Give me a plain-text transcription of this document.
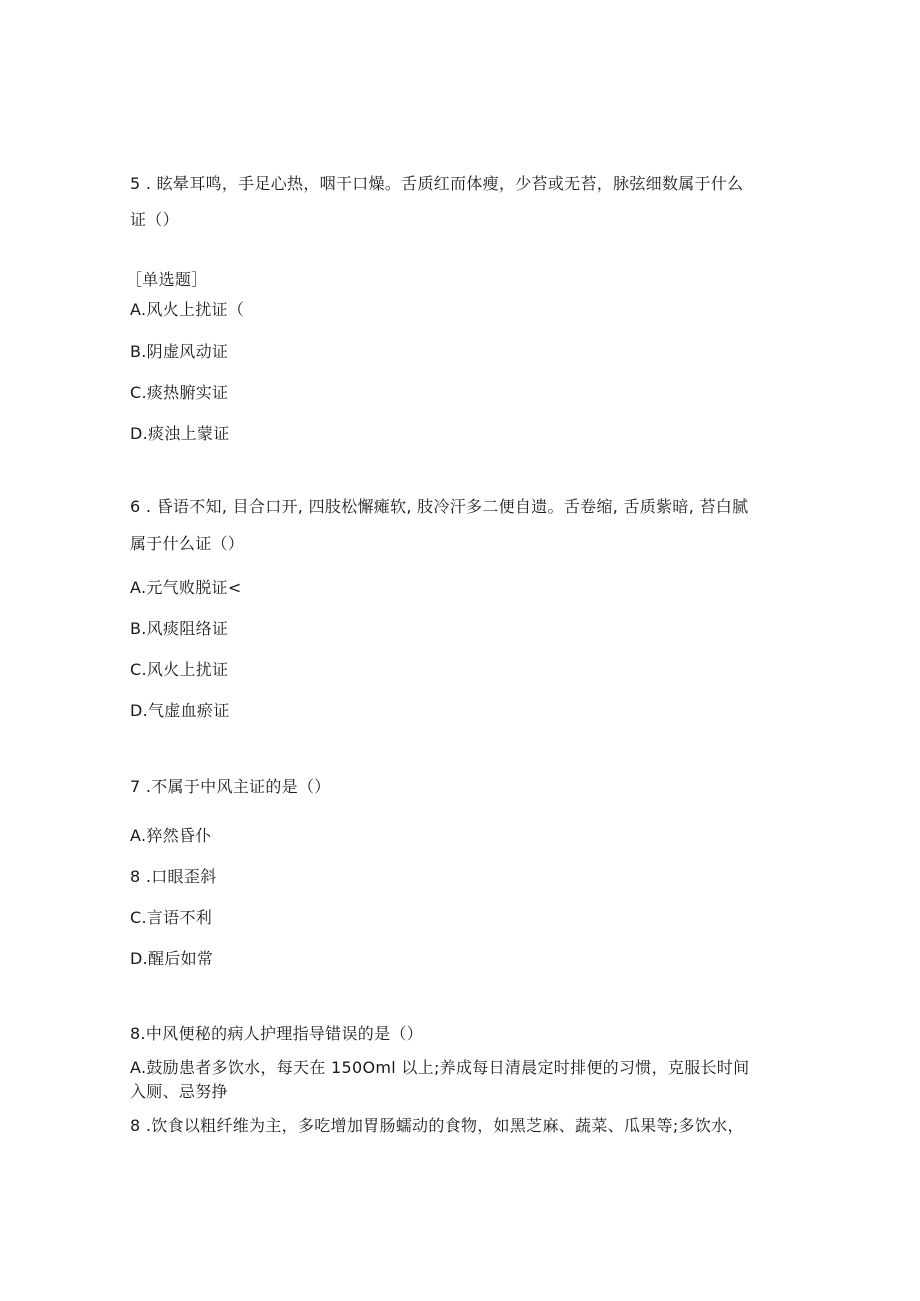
5 . 眩晕耳鸣，手足心热，咽干口燥。舌质红而体瘦，少苔或无苔，脉弦细数属于什么
证（）
［单选题］
A.风火上扰证（
B.阴虚风动证
C.痰热腑实证
D.痰浊上蒙证
6 . 昏语不知, 目合口开, 四肢松懈瘫软, 肢冷汗多二便自遗。舌卷缩, 舌质紫暗, 苔白腻
属于什么证（）
A.元气败脱证<
B.风痰阻络证
C.风火上扰证
D.气虚血瘀证
7 .不属于中风主证的是（）
A.猝然昏仆
8 .口眼歪斜
C.言语不利
D.醒后如常
8.中风便秘的病人护理指导错误的是（）
A.鼓励患者多饮水，每天在 150Oml 以上;养成每日清晨定时排便的习惯，克服长时间
入厕、忌努挣
8 .饮食以粗纤维为主，多吃增加胃肠蠕动的食物，如黑芝麻、蔬菜、瓜果等;多饮水，
